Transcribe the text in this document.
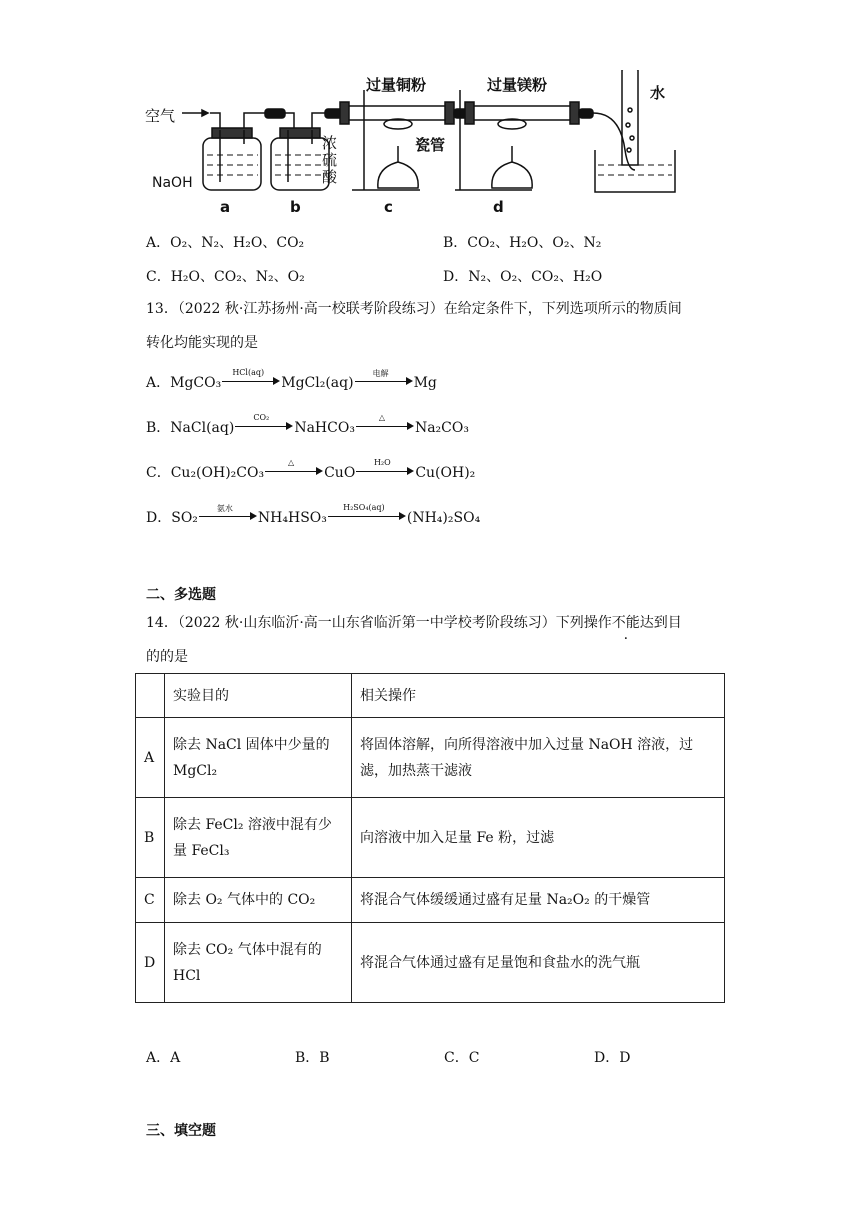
空气
NaOH
浓
硫
酸
过量铜粉	过量镁粉
瓷管
水
a	b	c	d
A．O₂、N₂、H₂O、CO₂	B．CO₂、H₂O、O₂、N₂
C．H₂O、CO₂、N₂、O₂	D．N₂、O₂、CO₂、H₂O
13．（2022 秋·江苏扬州·高一校联考阶段练习）在给定条件下，下列选项所示的物质间
转化均能实现的是
A．MgCO₃
HCl(aq)
MgCl₂(aq)
电解
Mg
B．NaCl(aq)
CO₂
NaHCO₃
△
Na₂CO₃
C．Cu₂(OH)₂CO₃
△
CuO
H₂O
Cu(OH)₂
D．SO₂
氨水
NH₄HSO₃
H₂SO₄(aq)
(NH₄)₂SO₄
二、多选题
14．（2022 秋·山东临沂·高一山东省临沂第一中学校考阶段练习）下列操作不能达到目
的的是
	实验目的	相关操作
A	除去 NaCl 固体中少量的 MgCl₂	将固体溶解，向所得溶液中加入过量 NaOH 溶液，过滤，加热蒸干滤液
B	除去 FeCl₂ 溶液中混有少量 FeCl₃	向溶液中加入足量 Fe 粉，过滤
C	除去 O₂ 气体中的 CO₂	将混合气体缓缓通过盛有足量 Na₂O₂ 的干燥管
D	除去 CO₂ 气体中混有的 HCl	将混合气体通过盛有足量饱和食盐水的洗气瓶
A．A	B．B	C．C	D．D
三、填空题
